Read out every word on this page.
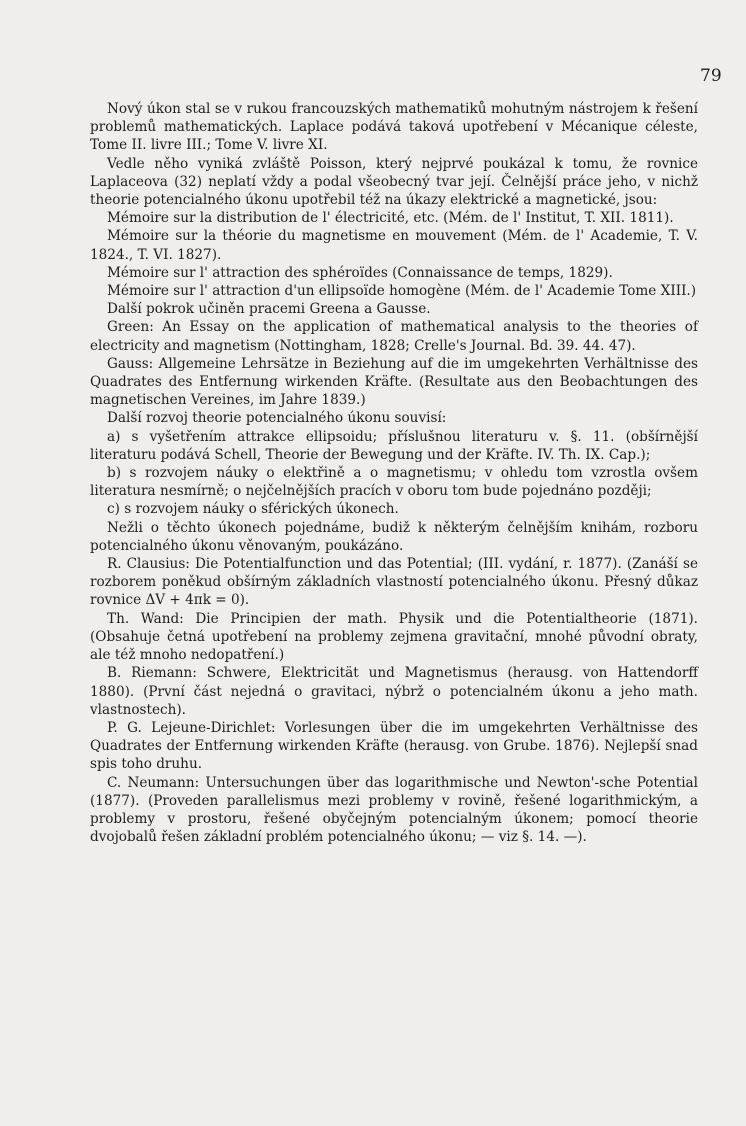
79

Nový úkon stal se v rukou francouzských mathematiků mohutným nástrojem k řešení problemů mathematických. Laplace podává taková upotřebení v Mécanique céleste, Tome II. livre III.; Tome V. livre XI.

Vedle něho vyniká zvláště Poisson, který nejprvé poukázal k tomu, že rovnice Laplaceova (32) neplatí vždy a podal všeobecný tvar její. Čelnější práce jeho, v nichž theorie potencialného úkonu upotřebil též na úkazy elektrické a magnetické, jsou:

Mémoire sur la distribution de l' électricité, etc. (Mém. de l' Institut, T. XII. 1811).

Mémoire sur la théorie du magnetisme en mouvement (Mém. de l' Academie, T. V. 1824., T. VI. 1827).

Mémoire sur l' attraction des sphéroïdes (Connaissance de temps, 1829).

Mémoire sur l' attraction d'un ellipsoïde homogène (Mém. de l' Academie Tome XIII.)

Další pokrok učiněn pracemi Greena a Gausse.

Green: An Essay on the application of mathematical analysis to the theories of electricity and magnetism (Nottingham, 1828; Crelle's Journal. Bd. 39. 44. 47).

Gauss: Allgemeine Lehrsätze in Beziehung auf die im umgekehrten Verhältnisse des Quadrates des Entfernung wirkenden Kräfte. (Resultate aus den Beobachtungen des magnetischen Vereines, im Jahre 1839.)

Další rozvoj theorie potencialného úkonu souvisí:

a) s vyšetřením attrakce ellipsoidu; příslušnou literaturu v. §. 11. (obšírnější literaturu podává Schell, Theorie der Bewegung und der Kräfte. IV. Th. IX. Cap.);

b) s rozvojem náuky o elektřině a o magnetismu; v ohledu tom vzrostla ovšem literatura nesmírně; o nejčelnějších pracích v oboru tom bude pojednáno později;

c) s rozvojem náuky o sférických úkonech.

Nežli o těchto úkonech pojednáme, budiž k některým čelnějším knihám, rozboru potencialného úkonu věnovaným, poukázáno.

R. Clausius: Die Potentialfunction und das Potential; (III. vydání, r. 1877). (Zanáší se rozborem poněkud obšírným základních vlastností potencialného úkonu. Přesný důkaz rovnice ΔV + 4πk = 0).

Th. Wand: Die Principien der math. Physik und die Potentialtheorie (1871). (Obsahuje četná upotřebení na problemy zejmena gravitační, mnohé původní obraty, ale též mnoho nedopatření.)

B. Riemann: Schwere, Elektricität und Magnetismus (herausg. von Hattendorff 1880). (První část nejedná o gravitaci, nýbrž o potencialném úkonu a jeho math. vlastnostech).

P. G. Lejeune-Dirichlet: Vorlesungen über die im umgekehrten Verhältnisse des Quadrates der Entfernung wirkenden Kräfte (herausg. von Grube. 1876). Nejlepší snad spis toho druhu.

C. Neumann: Untersuchungen über das logarithmische und Newton'-sche Potential (1877). (Proveden parallelismus mezi problemy v rovině, řešené logarithmickým, a problemy v prostoru, řešené obyčejným potencialným úkonem; pomocí theorie dvojobalů řešen základní problém potencialného úkonu; — viz §. 14. —).
